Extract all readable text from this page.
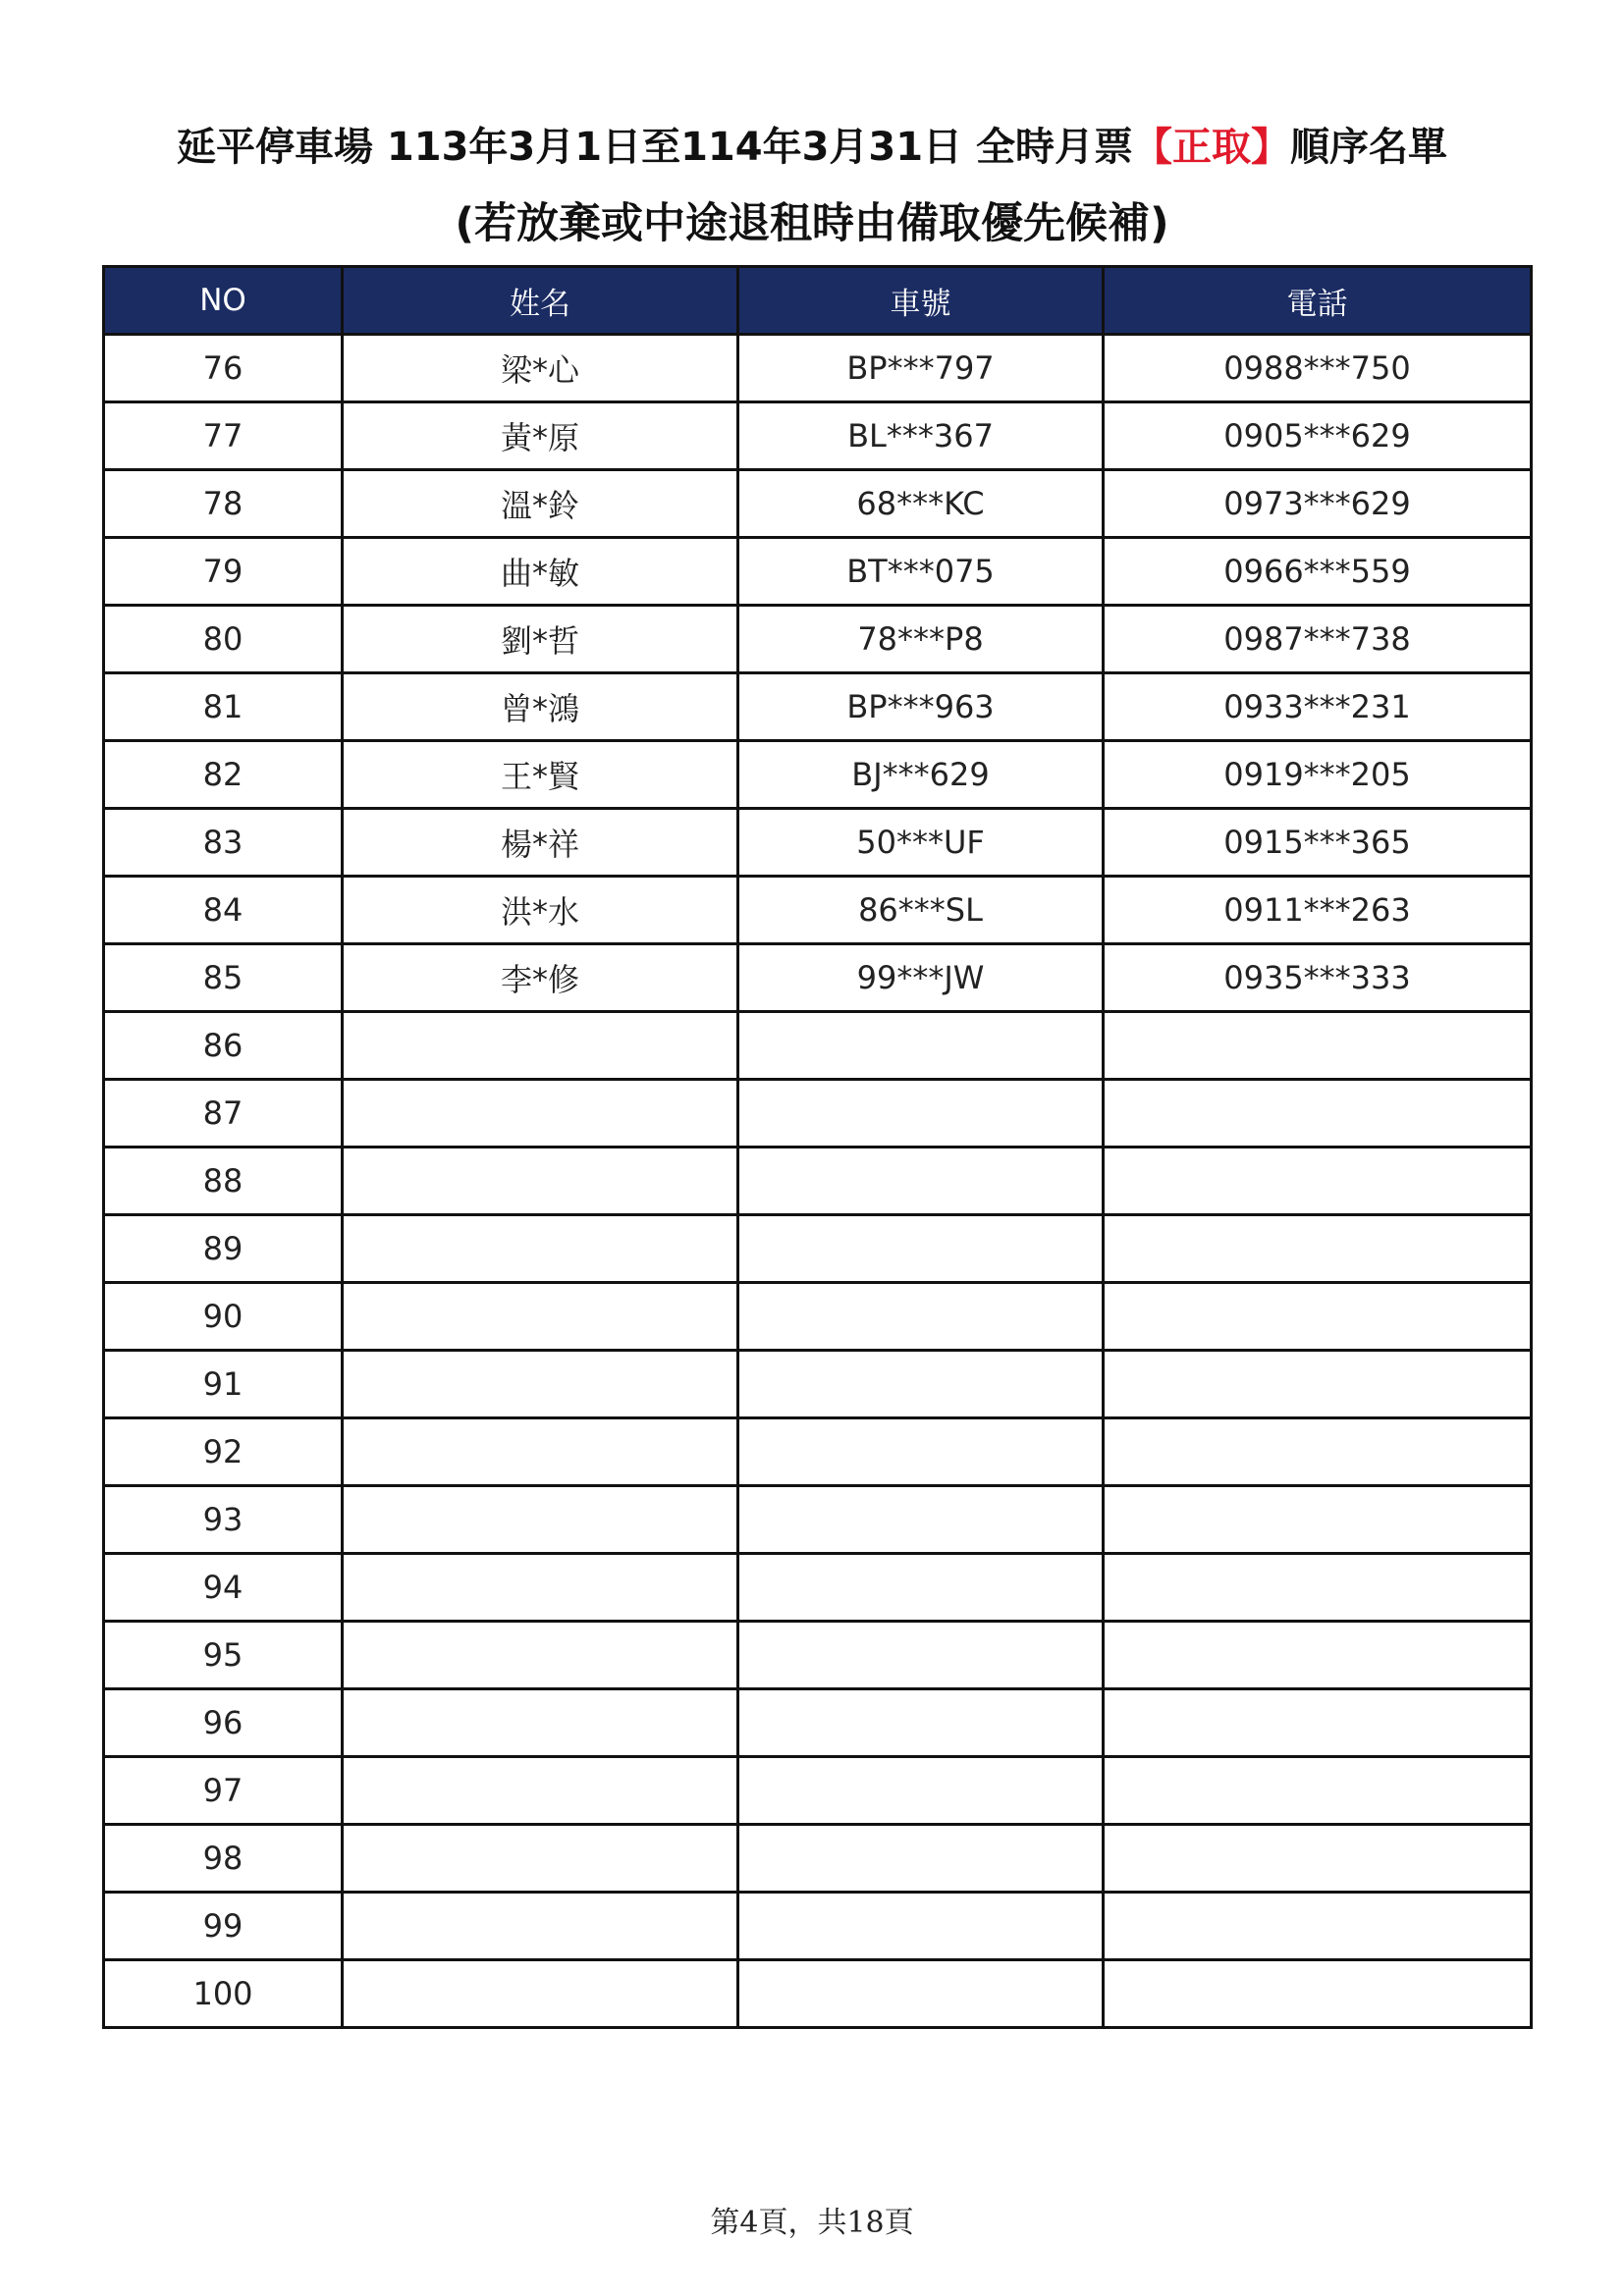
延平停車場 113年3月1日至114年3月31日 全時月票【正取】順序名單
(若放棄或中途退租時由備取優先候補)
NO	姓名	車號	電話
76	梁*心	BP***797	0988***750
77	黃*原	BL***367	0905***629
78	溫*鈴	68***KC	0973***629
79	曲*敏	BT***075	0966***559
80	劉*哲	78***P8	0987***738
81	曾*鴻	BP***963	0933***231
82	王*賢	BJ***629	0919***205
83	楊*祥	50***UF	0915***365
84	洪*水	86***SL	0911***263
85	李*修	99***JW	0935***333
86			
87			
88			
89			
90			
91			
92			
93			
94			
95			
96			
97			
98			
99			
100			
第4頁，共18頁
